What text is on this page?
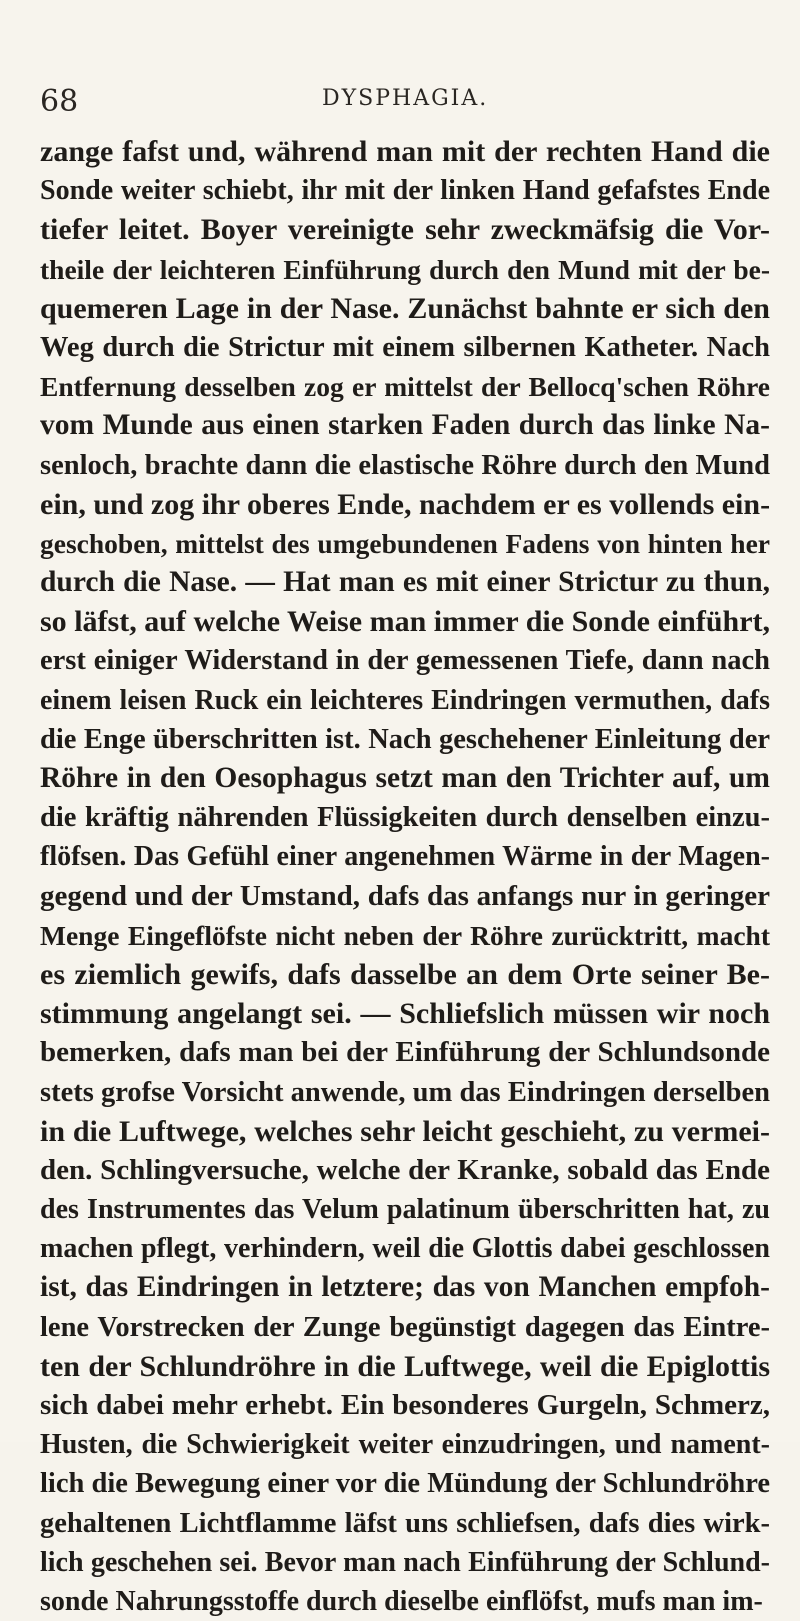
68	DYSPHAGIA.
zange fafst und, während man mit der rechten Hand die
Sonde weiter schiebt, ihr mit der linken Hand gefafstes Ende
tiefer leitet. Boyer vereinigte sehr zweckmäfsig die Vor-
theile der leichteren Einführung durch den Mund mit der be-
quemeren Lage in der Nase. Zunächst bahnte er sich den
Weg durch die Strictur mit einem silbernen Katheter. Nach
Entfernung desselben zog er mittelst der Bellocq'schen Röhre
vom Munde aus einen starken Faden durch das linke Na-
senloch, brachte dann die elastische Röhre durch den Mund
ein, und zog ihr oberes Ende, nachdem er es vollends ein-
geschoben, mittelst des umgebundenen Fadens von hinten her
durch die Nase. — Hat man es mit einer Strictur zu thun,
so läfst, auf welche Weise man immer die Sonde einführt,
erst einiger Widerstand in der gemessenen Tiefe, dann nach
einem leisen Ruck ein leichteres Eindringen vermuthen, dafs
die Enge überschritten ist. Nach geschehener Einleitung der
Röhre in den Oesophagus setzt man den Trichter auf, um
die kräftig nährenden Flüssigkeiten durch denselben einzu-
flöfsen. Das Gefühl einer angenehmen Wärme in der Magen-
gegend und der Umstand, dafs das anfangs nur in geringer
Menge Eingeflöfste nicht neben der Röhre zurücktritt, macht
es ziemlich gewifs, dafs dasselbe an dem Orte seiner Be-
stimmung angelangt sei. — Schliefslich müssen wir noch
bemerken, dafs man bei der Einführung der Schlundsonde
stets grofse Vorsicht anwende, um das Eindringen derselben
in die Luftwege, welches sehr leicht geschieht, zu vermei-
den. Schlingversuche, welche der Kranke, sobald das Ende
des Instrumentes das Velum palatinum überschritten hat, zu
machen pflegt, verhindern, weil die Glottis dabei geschlossen
ist, das Eindringen in letztere; das von Manchen empfoh-
lene Vorstrecken der Zunge begünstigt dagegen das Eintre-
ten der Schlundröhre in die Luftwege, weil die Epiglottis
sich dabei mehr erhebt. Ein besonderes Gurgeln, Schmerz,
Husten, die Schwierigkeit weiter einzudringen, und nament-
lich die Bewegung einer vor die Mündung der Schlundröhre
gehaltenen Lichtflamme läfst uns schliefsen, dafs dies wirk-
lich geschehen sei. Bevor man nach Einführung der Schlund-
sonde Nahrungsstoffe durch dieselbe einflöfst, mufs man im-
